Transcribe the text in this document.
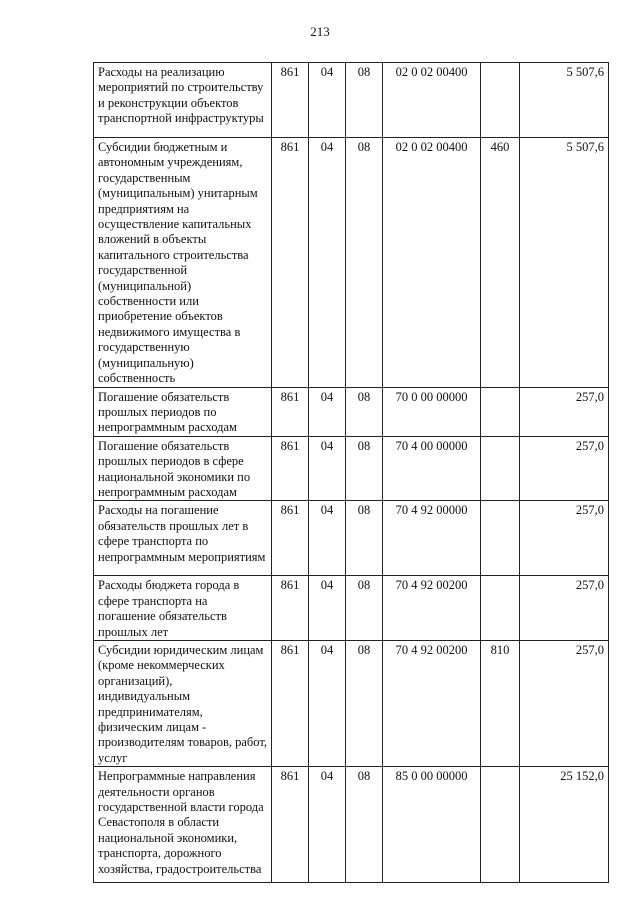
213
Расходы на реализацию мероприятий по строительству и реконструкции объектов транспортной инфраструктуры	861	04	08	02 0 02 00400		5 507,6
Субсидии бюджетным и автономным учреждениям, государственным (муниципальным) унитарным предприятиям на осуществление капитальных вложений в объекты капитального строительства государственной (муниципальной) собственности или приобретение объектов недвижимого имущества в государственную (муниципальную) собственность	861	04	08	02 0 02 00400	460	5 507,6
Погашение обязательств прошлых периодов по непрограммным расходам	861	04	08	70 0 00 00000		257,0
Погашение обязательств прошлых периодов в сфере национальной экономики по непрограммным расходам	861	04	08	70 4 00 00000		257,0
Расходы на погашение обязательств прошлых лет в сфере транспорта по непрограммным мероприятиям	861	04	08	70 4 92 00000		257,0
Расходы бюджета города в сфере транспорта на погашение обязательств прошлых лет	861	04	08	70 4 92 00200		257,0
Субсидии юридическим лицам (кроме некоммерческих организаций), индивидуальным предпринимателям, физическим лицам - производителям товаров, работ, услуг	861	04	08	70 4 92 00200	810	257,0
Непрограммные направления деятельности органов государственной власти города Севастополя в области национальной экономики, транспорта, дорожного хозяйства, градостроительства	861	04	08	85 0 00 00000		25 152,0
